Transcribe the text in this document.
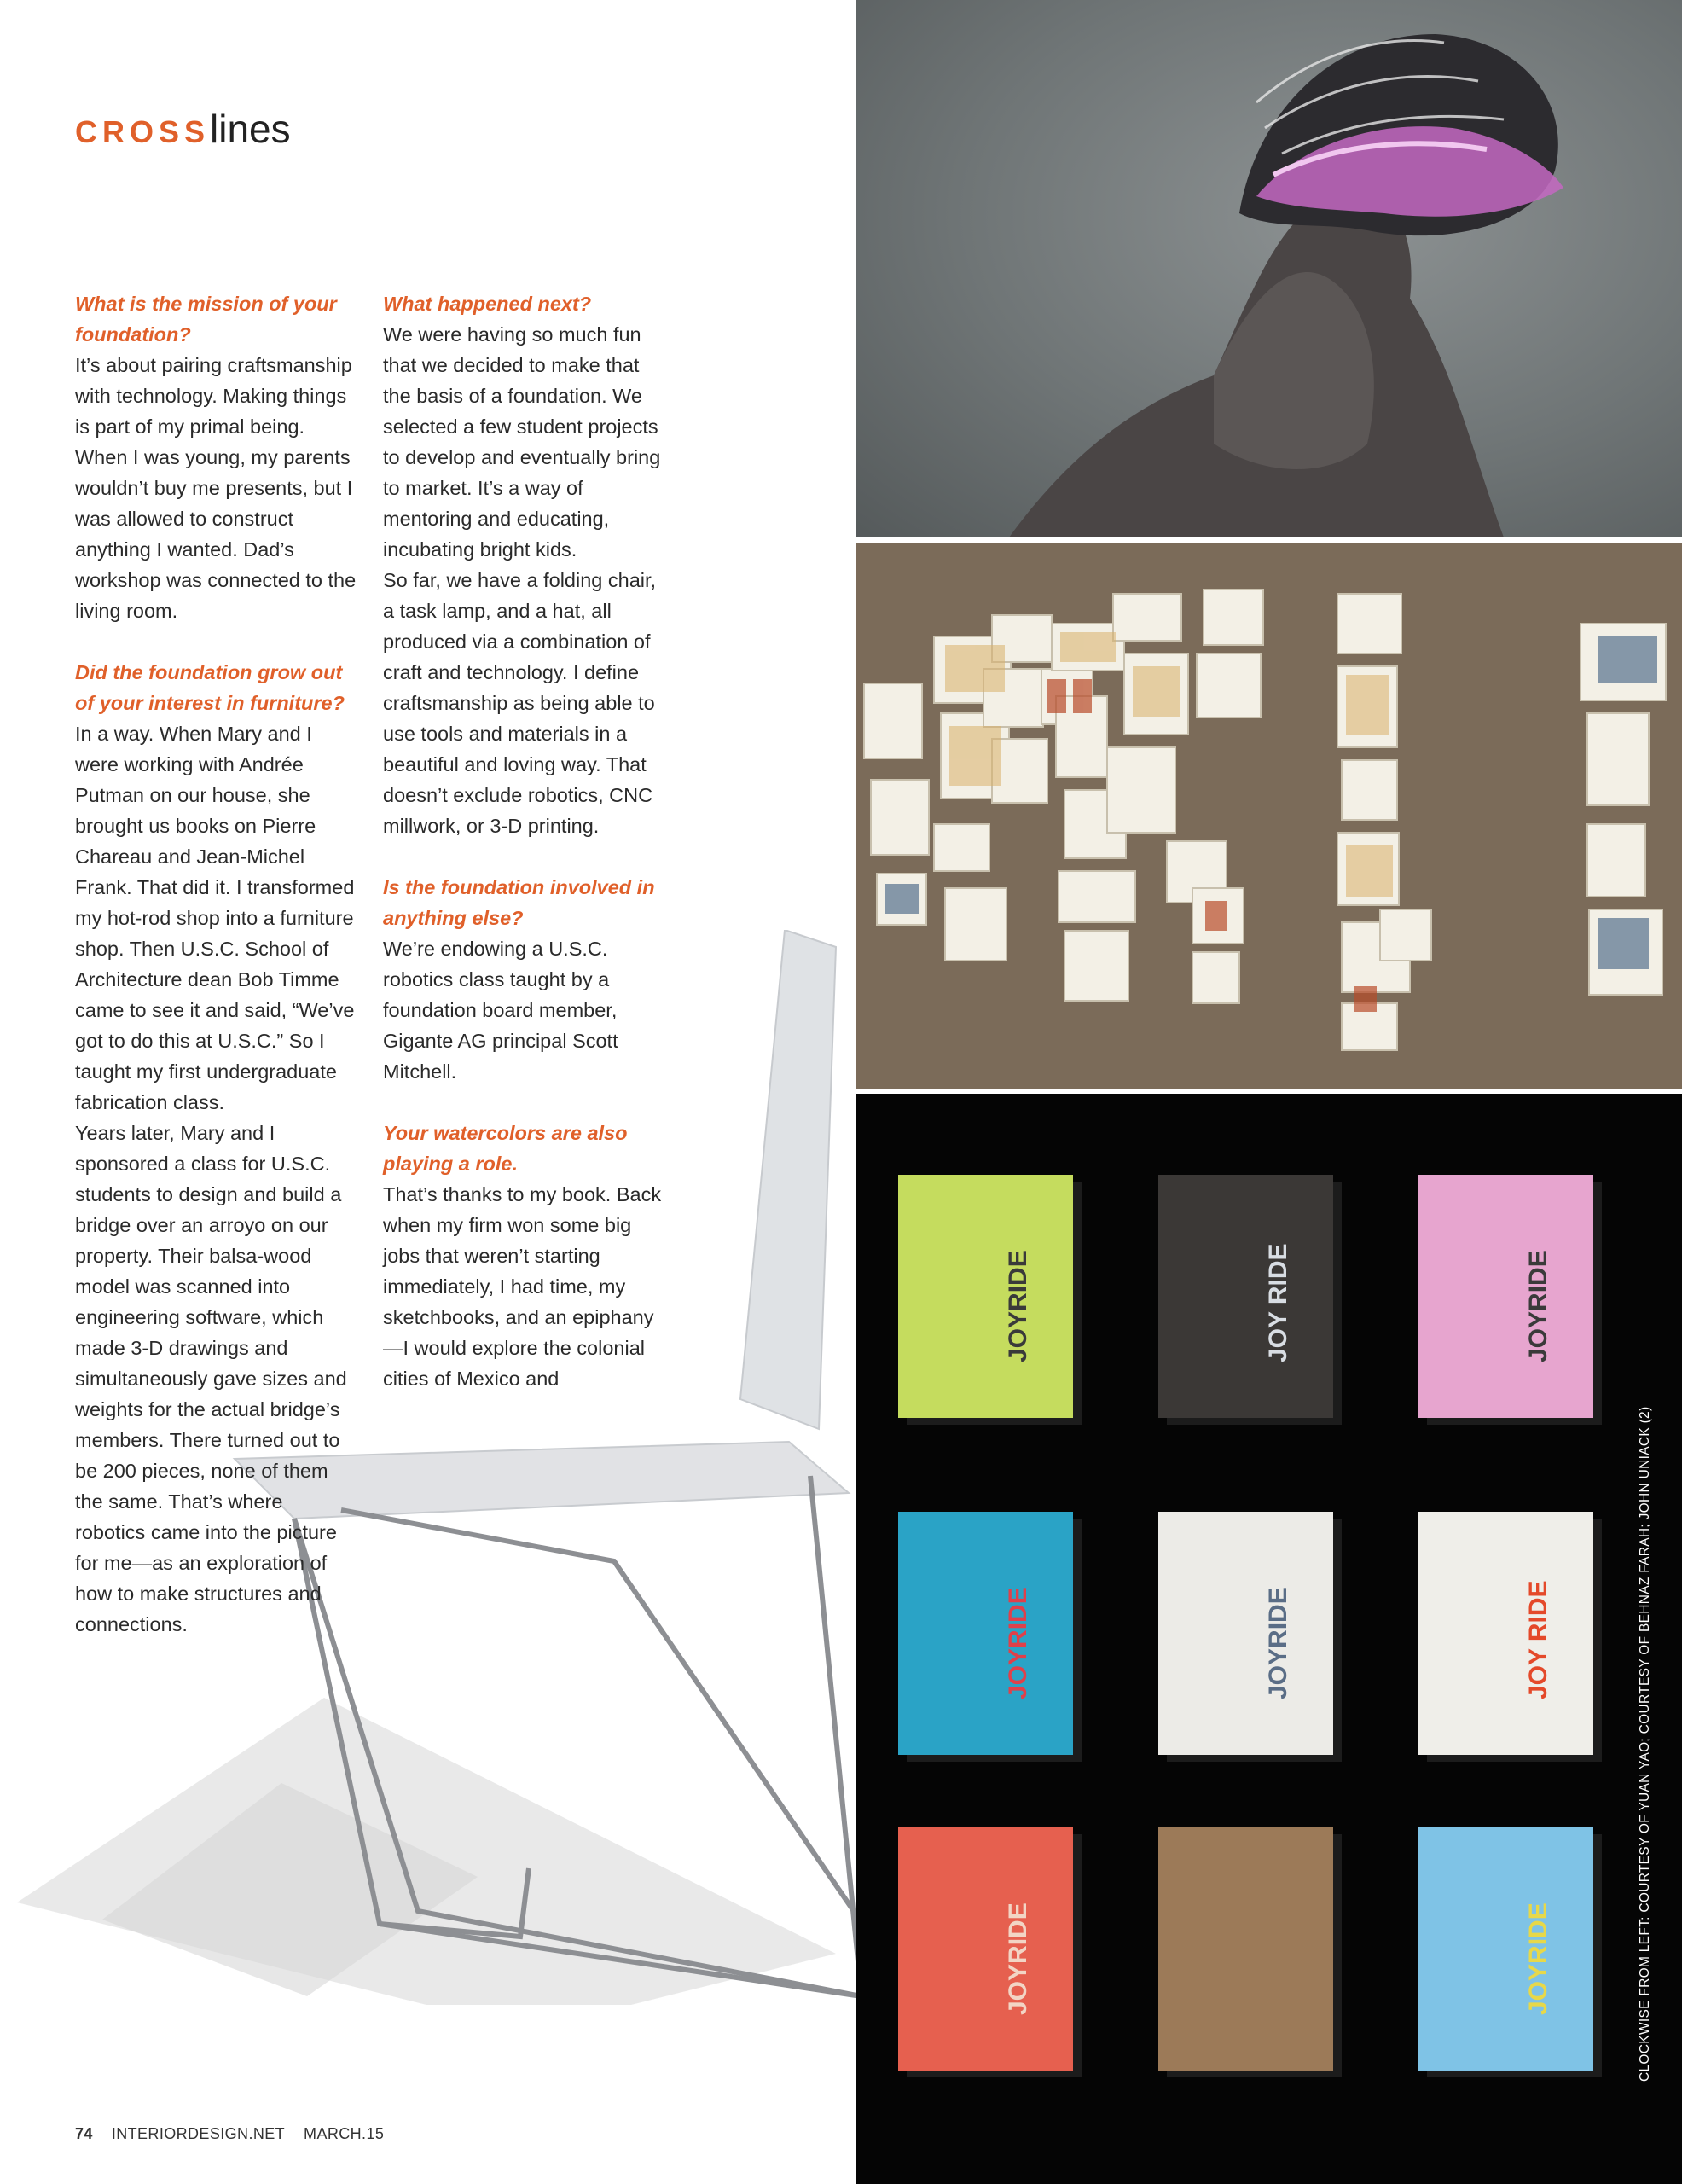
CROSSlines

What is the mission of your foundation?

It’s about pairing craftsmanship with technology. Making things is part of my primal being. When I was young, my parents wouldn’t buy me presents, but I was allowed to construct anything I wanted. Dad’s workshop was connected to the living room.

Did the foundation grow out of your interest in furniture?

In a way. When Mary and I were working with Andrée Putman on our house, she brought us books on Pierre Chareau and Jean-Michel Frank. That did it. I transformed my hot-rod shop into a furniture shop. Then U.S.C. School of Architecture dean Bob Timme came to see it and said, “We’ve got to do this at U.S.C.” So I taught my first undergraduate fabrication class.
Years later, Mary and I sponsored a class for U.S.C. students to design and build a bridge over an arroyo on our property. Their balsa-wood model was scanned into engineering software, which made 3-D drawings and simultaneously gave sizes and weights for the actual bridge’s members. There turned out to be 200 pieces, none of them the same. That’s where robotics came into the picture for me—as an exploration of how to make structures and connections.

What happened next?

We were having so much fun that we decided to make that the basis of a foundation. We selected a few student projects to develop and eventually bring to market. It’s a way of mentoring and educating, incubating bright kids.
So far, we have a folding chair, a task lamp, and a hat, all produced via a combination of craft and technology. I define craftsmanship as being able to use tools and materials in a beautiful and loving way. That doesn’t exclude robotics, CNC millwork, or 3-D printing.

Is the foundation involved in anything else?

We’re endowing a U.S.C. robotics class taught by a foundation board member, Gigante AG principal Scott Mitchell.

Your watercolors are also playing a role.

That’s thanks to my book. Back when my firm won some big jobs that weren’t starting immediately, I had time, my sketchbooks, and an epiphany—I would explore the colonial cities of Mexico and

JOYRIDE	JOY RIDE	JOYRIDE
JOYRIDE	JOYRIDE	JOY RIDE
JOYRIDE	JOYRIDE	CLOCKWISE FROM LEFT: COURTESY OF YUAN YAO; COURTESY OF BEHNAZ FARAH; JOHN UNIACK (2)
74 INTERIORDESIGN.NET MARCH.15
